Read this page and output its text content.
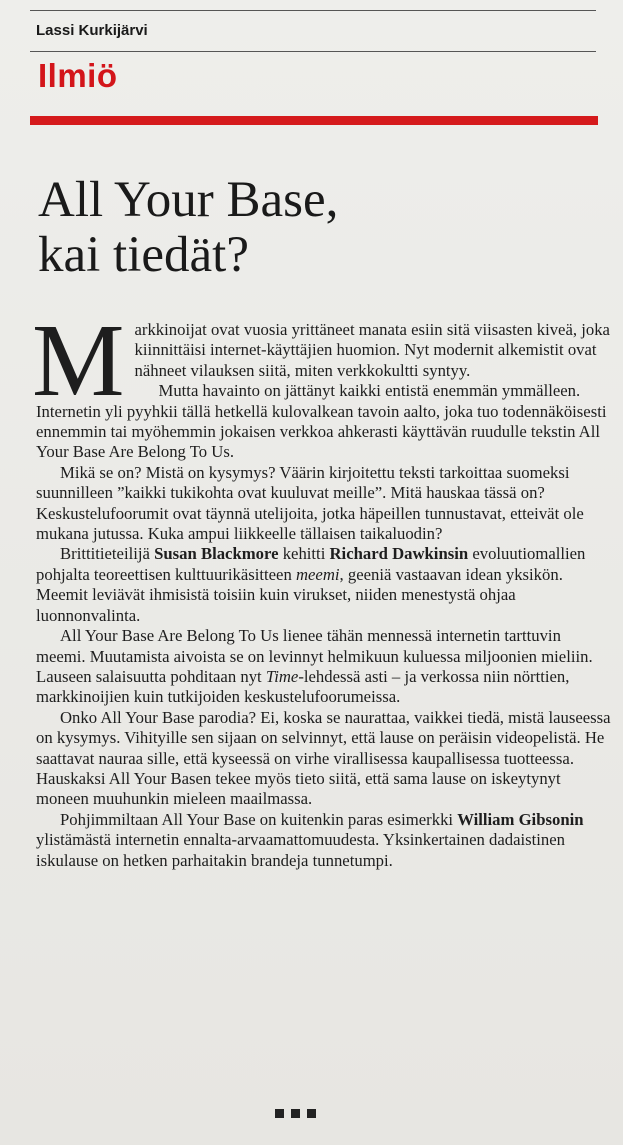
Lassi Kurkijärvi
Ilmiö
All Your Base,
kai tiedät?

Markkinoijat ovat vuosia yrittäneet manata esiin sitä viisasten kiveä, joka kiinnittäisi internet-käyttäjien huomion. Nyt modernit alkemistit ovat nähneet vilauksen siitä, miten verkkokultti syntyy.

Mutta havainto on jättänyt kaikki entistä enemmän ymmälleen. Internetin yli pyyhkii tällä hetkellä kulovalkean tavoin aalto, joka tuo todennäköisesti ennemmin tai myöhemmin jokaisen verkkoa ahkerasti käyttävän ruudulle tekstin All Your Base Are Belong To Us.

Mikä se on? Mistä on kysymys? Väärin kirjoitettu teksti tarkoittaa suomeksi suunnilleen ”kaikki tukikohta ovat kuuluvat meille”. Mitä hauskaa tässä on? Keskustelufoorumit ovat täynnä utelijoita, jotka häpeillen tunnustavat, etteivät ole mukana jutussa. Kuka ampui liikkeelle tällaisen taikaluodin?

Brittitieteilijä Susan Blackmore kehitti Richard Dawkinsin evoluutiomallien pohjalta teoreettisen kulttuurikäsitteen meemi, geeniä vastaavan idean yksikön. Meemit leviävät ihmisistä toisiin kuin virukset, niiden menestystä ohjaa luonnonvalinta.

All Your Base Are Belong To Us lienee tähän mennessä internetin tarttuvin meemi. Muutamista aivoista se on levinnyt helmikuun kuluessa miljoonien mieliin. Lauseen salaisuutta pohditaan nyt Time-lehdessä asti – ja verkossa niin nörttien, markkinoijien kuin tutkijoiden keskustelufoorumeissa.

Onko All Your Base parodia? Ei, koska se naurattaa, vaikkei tiedä, mistä lauseessa on kysymys. Vihityille sen sijaan on selvinnyt, että lause on peräisin videopelistä. He saattavat nauraa sille, että kyseessä on virhe virallisessa kaupallisessa tuotteessa. Hauskaksi All Your Basen tekee myös tieto siitä, että sama lause on iskeytynyt moneen muuhunkin mieleen maailmassa.

Pohjimmiltaan All Your Base on kuitenkin paras esimerkki William Gibsonin ylistämästä internetin ennalta-arvaamattomuudesta. Yksinkertainen dadaistinen iskulause on hetken parhaitakin brandeja tunnetumpi.
